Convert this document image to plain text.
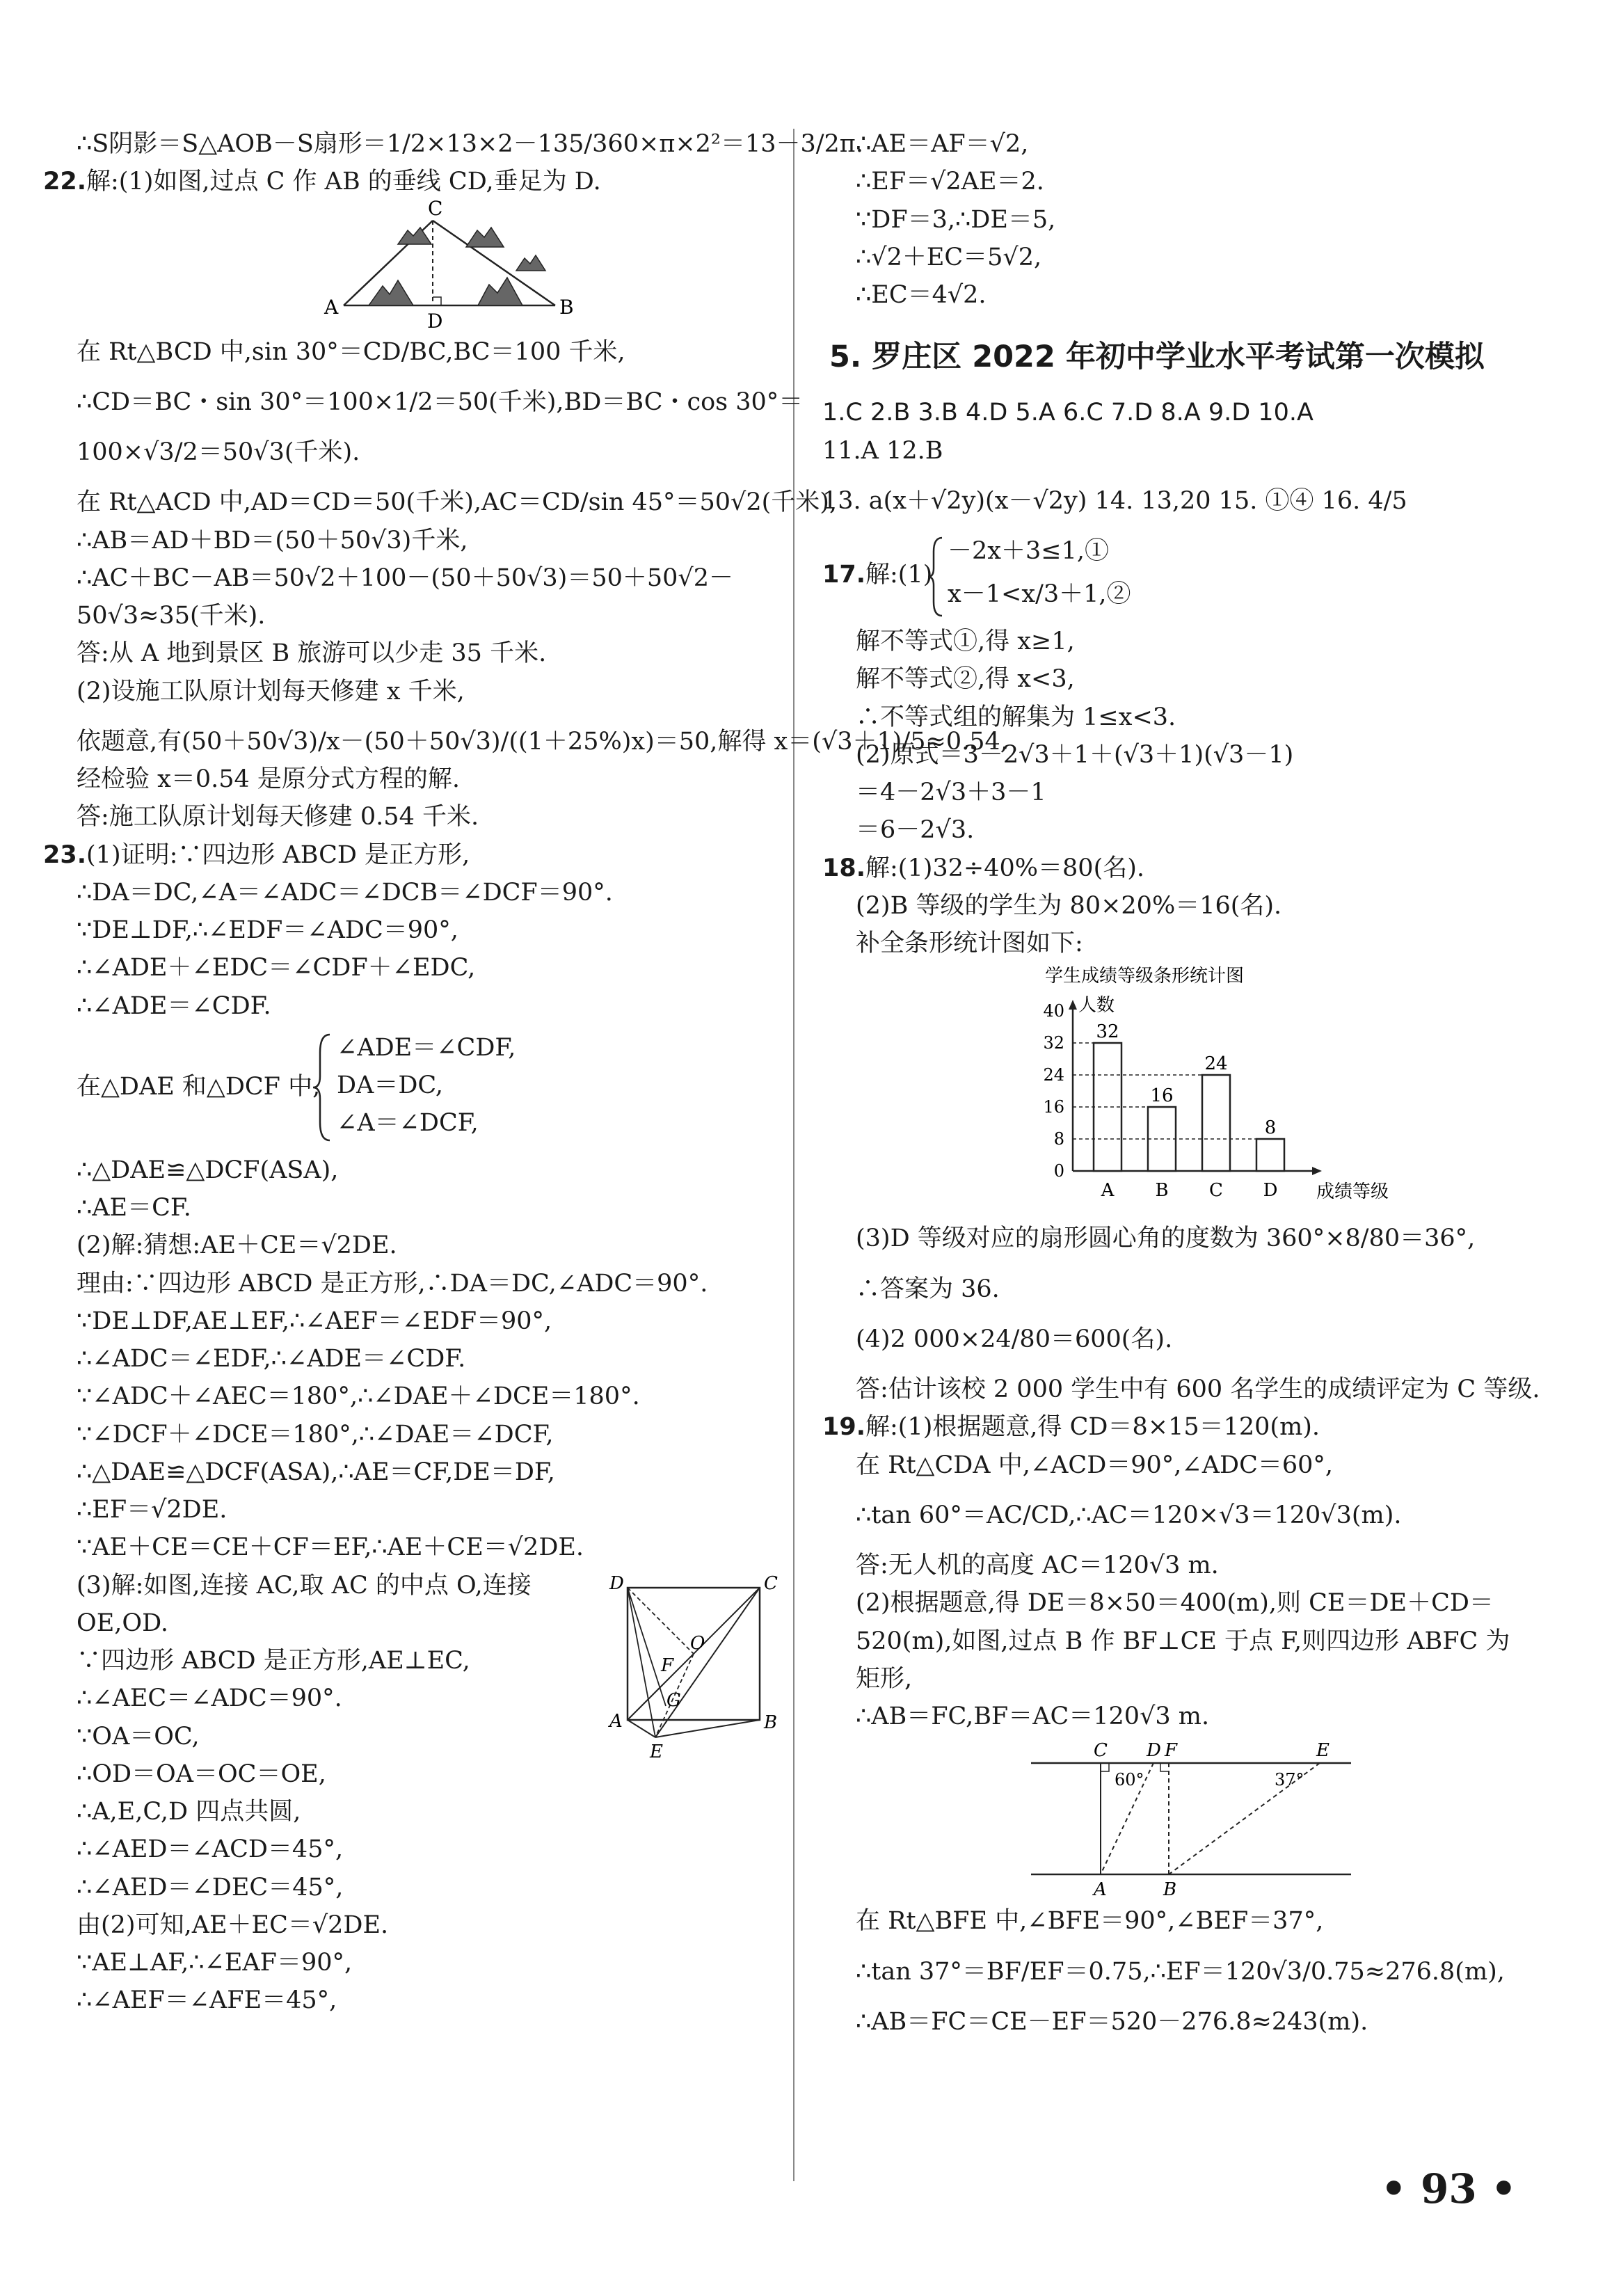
∴S阴影＝S△AOB－S扇形＝1/2×13×2－135/360×π×2²＝13－3/2π.

22.解:(1)如图,过点 C 作 AB 的垂线 CD,垂足为 D.

C
A
D
B

在 Rt△BCD 中,sin 30°＝CD/BC,BC＝100 千米,

∴CD＝BC・sin 30°＝100×1/2＝50(千米),BD＝BC・cos 30°＝

100×√3/2＝50√3(千米).

在 Rt△ACD 中,AD＝CD＝50(千米),AC＝CD/sin 45°＝50√2(千米),

∴AB＝AD＋BD＝(50＋50√3)千米,

∴AC＋BC－AB＝50√2＋100－(50＋50√3)＝50＋50√2－

50√3≈35(千米).

答:从 A 地到景区 B 旅游可以少走 35 千米.

(2)设施工队原计划每天修建 x 千米,

依题意,有(50＋50√3)/x－(50＋50√3)/((1＋25%)x)＝50,解得 x＝(√3＋1)/5≈0.54,

经检验 x＝0.54 是原分式方程的解.

答:施工队原计划每天修建 0.54 千米.

23.(1)证明:∵四边形 ABCD 是正方形,

∴DA＝DC,∠A＝∠ADC＝∠DCB＝∠DCF＝90°.

∵DE⊥DF,∴∠EDF＝∠ADC＝90°,

∴∠ADE＋∠EDC＝∠CDF＋∠EDC,

∴∠ADE＝∠CDF.

在△DAE 和△DCF 中,

∠ADE＝∠CDF,

DA＝DC,

∠A＝∠DCF,

∴△DAE≌△DCF(ASA),

∴AE＝CF.

(2)解:猜想:AE＋CE＝√2DE.

理由:∵四边形 ABCD 是正方形,∴DA＝DC,∠ADC＝90°.

∵DE⊥DF,AE⊥EF,∴∠AEF＝∠EDF＝90°,

∴∠ADC＝∠EDF,∴∠ADE＝∠CDF.

∵∠ADC＋∠AEC＝180°,∴∠DAE＋∠DCE＝180°.

∵∠DCF＋∠DCE＝180°,∴∠DAE＝∠DCF,

∴△DAE≌△DCF(ASA),∴AE＝CF,DE＝DF,

∴EF＝√2DE.

∵AE＋CE＝CE＋CF＝EF,∴AE＋CE＝√2DE.

(3)解:如图,连接 AC,取 AC 的中点 O,连接

OE,OD.

∵四边形 ABCD 是正方形,AE⊥EC,

∴∠AEC＝∠ADC＝90°.

∵OA＝OC,

∴OD＝OA＝OC＝OE,

∴A,E,C,D 四点共圆,

∴∠AED＝∠ACD＝45°,

∴∠AED＝∠DEC＝45°,

由(2)可知,AE＋EC＝√2DE.

∵AE⊥AF,∴∠EAF＝90°,

∴∠AEF＝∠AFE＝45°,

D	C
O
F
G
A	B
E

∴AE＝AF＝√2,

∴EF＝√2AE＝2.

∵DF＝3,∴DE＝5,

∴√2＋EC＝5√2,

∴EC＝4√2.

5. 罗庄区 2022 年初中学业水平考试第一次模拟

1.C 2.B 3.B 4.D 5.A 6.C 7.D 8.A 9.D 10.A

11.A 12.B

13. a(x＋√2y)(x－√2y) 14. 13,20 15. ①④ 16. 4/5

17.解:(1)

－2x＋3≤1,①

x－1<x/3＋1,②

解不等式①,得 x≥1,

解不等式②,得 x<3,

∴不等式组的解集为 1≤x<3.

(2)原式＝3－2√3＋1＋(√3＋1)(√3－1)

＝4－2√3＋3－1

＝6－2√3.

18.解:(1)32÷40%＝80(名).

(2)B 等级的学生为 80×20%＝16(名).

补全条形统计图如下:

学生成绩等级条形统计图
人数
成绩等级
0
8
16
24
32
40
32
A
16
B
24
C
8
D

(3)D 等级对应的扇形圆心角的度数为 360°×8/80＝36°,

∴答案为 36.

(4)2 000×24/80＝600(名).

答:估计该校 2 000 学生中有 600 名学生的成绩评定为 C 等级.

19.解:(1)根据题意,得 CD＝8×15＝120(m).

在 Rt△CDA 中,∠ACD＝90°,∠ADC＝60°,

∴tan 60°＝AC/CD,∴AC＝120×√3＝120√3(m).

答:无人机的高度 AC＝120√3 m.

(2)根据题意,得 DE＝8×50＝400(m),则 CE＝DE＋CD＝

520(m),如图,过点 B 作 BF⊥CE 于点 F,则四边形 ABFC 为

矩形,

∴AB＝FC,BF＝AC＝120√3 m.

C D F	E
A	B
60°	37°

在 Rt△BFE 中,∠BFE＝90°,∠BEF＝37°,

∴tan 37°＝BF/EF＝0.75,∴EF＝120√3/0.75≈276.8(m),

∴AB＝FC＝CE－EF＝520－276.8≈243(m).

• 93 •
